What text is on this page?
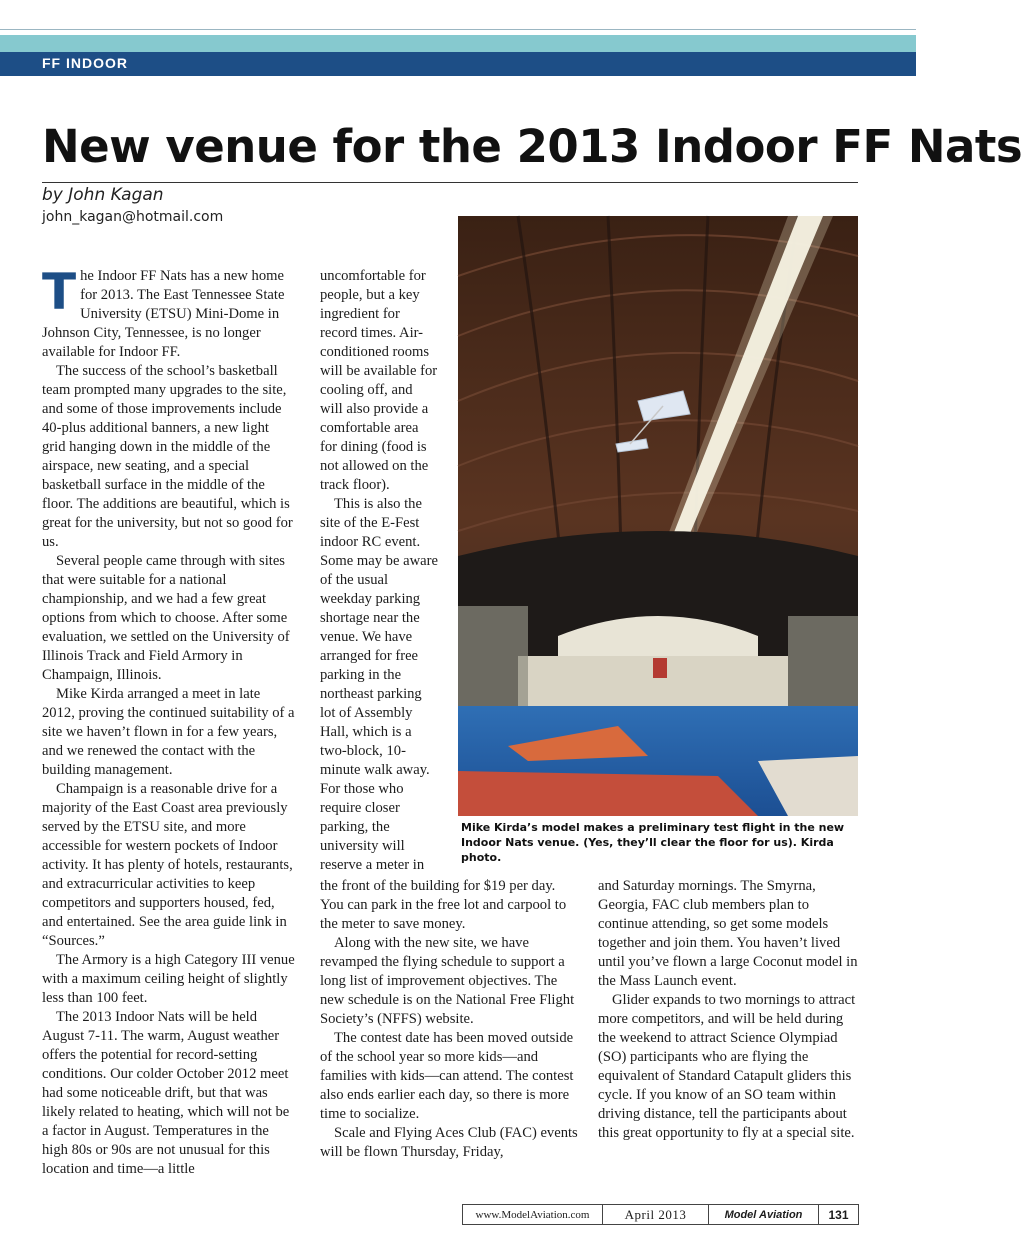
FF INDOOR
New venue for the 2013 Indoor FF Nats
by John Kagan
john_kagan@hotmail.com

The Indoor FF Nats has a new home for 2013. The East Tennessee State University (ETSU) Mini-Dome in Johnson City, Tennessee, is no longer available for Indoor FF.

The success of the school’s basketball team prompted many upgrades to the site, and some of those improvements include 40-plus additional banners, a new light grid hanging down in the middle of the airspace, new seating, and a special basketball surface in the middle of the floor. The additions are beautiful, which is great for the university, but not so good for us.

Several people came through with sites that were suitable for a national championship, and we had a few great options from which to choose. After some evaluation, we settled on the University of Illinois Track and Field Armory in Champaign, Illinois.

Mike Kirda arranged a meet in late 2012, proving the continued suitability of a site we haven’t flown in for a few years, and we renewed the contact with the building management.

Champaign is a reasonable drive for a majority of the East Coast area previously served by the ETSU site, and more accessible for western pockets of Indoor activity. It has plenty of hotels, restaurants, and extracurricular activities to keep competitors and supporters housed, fed, and entertained. See the area guide link in “Sources.”

The Armory is a high Category III venue with a maximum ceiling height of slightly less than 100 feet.

The 2013 Indoor Nats will be held August 7-11. The warm, August weather offers the potential for record-setting conditions. Our colder October 2012 meet had some noticeable drift, but that was likely related to heating, which will not be a factor in August. Temperatures in the high 80s or 90s are not unusual for this location and time—a little

uncomfortable for people, but a key ingredient for record times. Air-conditioned rooms will be available for cooling off, and will also provide a comfortable area for dining (food is not allowed on the track floor).

This is also the site of the E-Fest indoor RC event. Some may be aware of the usual weekday parking shortage near the venue. We have arranged for free parking in the northeast parking lot of Assembly Hall, which is a two-block, 10-minute walk away. For those who require closer parking, the university will reserve a meter in

the front of the building for $19 per day. You can park in the free lot and carpool to the meter to save money.

Along with the new site, we have revamped the flying schedule to support a long list of improvement objectives. The new schedule is on the National Free Flight Society’s (NFFS) website.

The contest date has been moved outside of the school year so more kids—and families with kids—can attend. The contest also ends earlier each day, so there is more time to socialize.

Scale and Flying Aces Club (FAC) events will be flown Thursday, Friday,

and Saturday mornings. The Smyrna, Georgia, FAC club members plan to continue attending, so get some models together and join them. You haven’t lived until you’ve flown a large Coconut model in the Mass Launch event.

Glider expands to two mornings to attract more competitors, and will be held during the weekend to attract Science Olympiad (SO) participants who are flying the equivalent of Standard Catapult gliders this cycle. If you know of an SO team within driving distance, tell the participants about this great opportunity to fly at a special site.

Mike Kirda’s model makes a preliminary test flight in the new Indoor Nats venue. (Yes, they’ll clear the floor for us). Kirda photo.
www.ModelAviation.com	April 2013	Model Aviation	131
